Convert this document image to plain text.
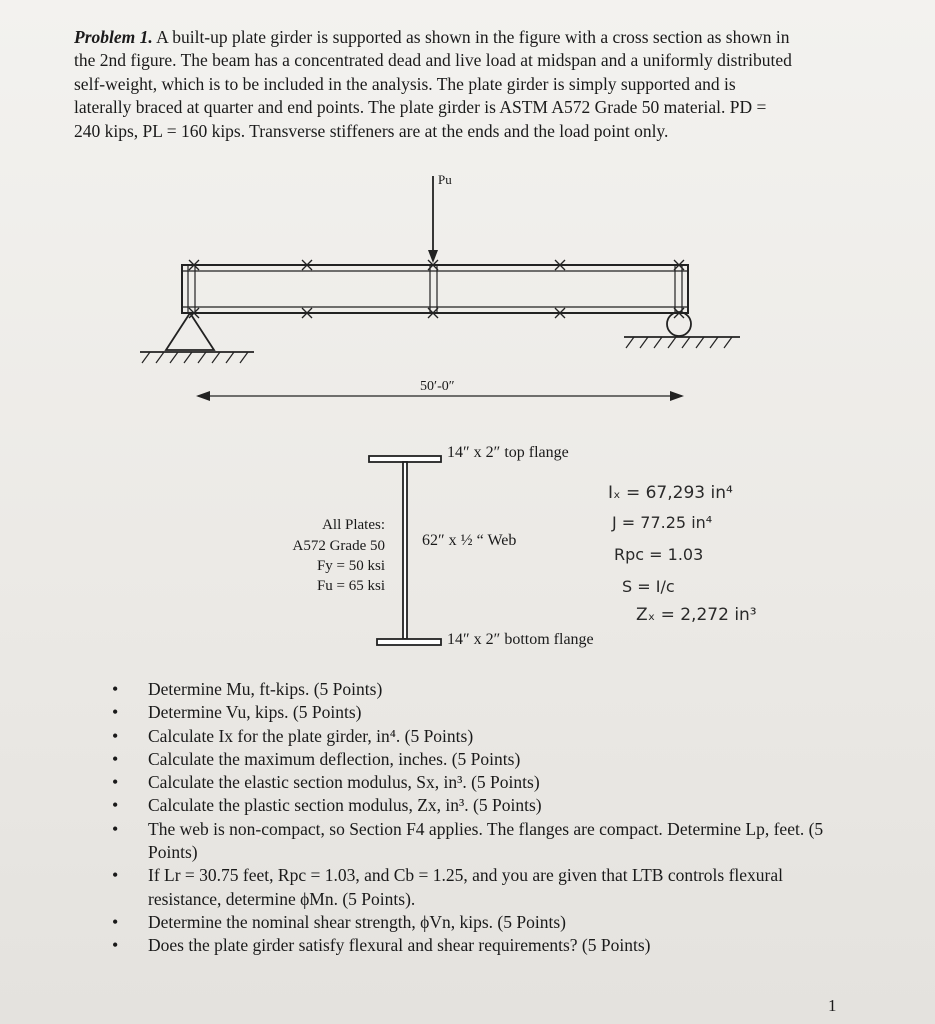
Problem 1. A built-up plate girder is supported as shown in the figure with a cross section as shown in the 2nd figure. The beam has a concentrated dead and live load at midspan and a uniformly distributed self-weight, which is to be included in the analysis. The plate girder is simply supported and is laterally braced at quarter and end points. The plate girder is ASTM A572 Grade 50 material. PD = 240 kips, PL = 160 kips. Transverse stiffeners are at the ends and the load point only.

Pu
50′-0″
14″ x 2″ top flange
62″ x ½ “ Web
14″ x 2″ bottom flange
All Plates:
A572 Grade 50
Fy = 50 ksi
Fu = 65 ksi
Iₓ = 67,293 in⁴
J = 77.25 in⁴
Rpc = 1.03
S = I/c
Zₓ = 2,272 in³
• Determine Mu, ft-kips. (5 Points)
• Determine Vu, kips. (5 Points)
• Calculate Ix for the plate girder, in⁴. (5 Points)
• Calculate the maximum deflection, inches. (5 Points)
• Calculate the elastic section modulus, Sx, in³. (5 Points)
• Calculate the plastic section modulus, Zx, in³. (5 Points)
• The web is non-compact, so Section F4 applies. The flanges are compact. Determine Lp, feet. (5 Points)
• If Lr = 30.75 feet, Rpc = 1.03, and Cb = 1.25, and you are given that LTB controls flexural resistance, determine ϕMn. (5 Points).
• Determine the nominal shear strength, ϕVn, kips. (5 Points)
• Does the plate girder satisfy flexural and shear requirements? (5 Points)
1
